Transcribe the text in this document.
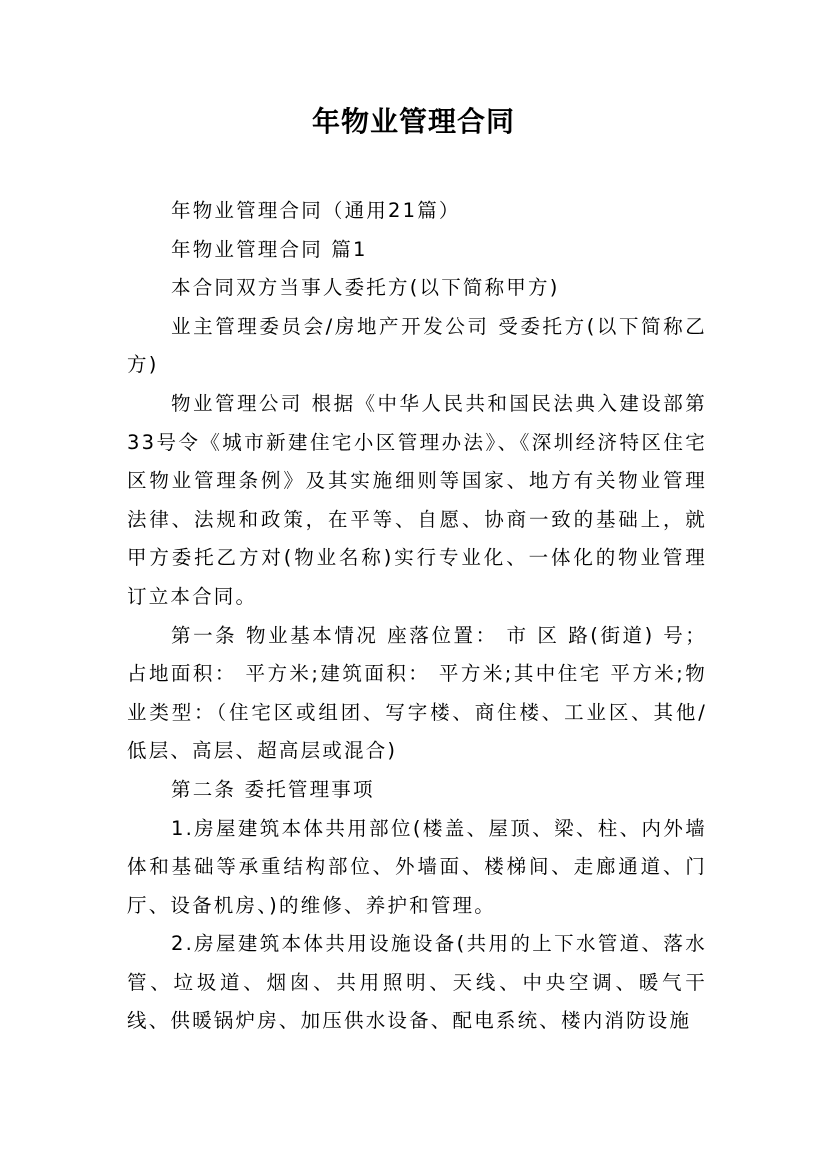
年物业管理合同

年物业管理合同（通用21篇）

年物业管理合同 篇1

本合同双方当事人委托方(以下简称甲方)

业主管理委员会/房地产开发公司 受委托方(以下简称乙方)

物业管理公司 根据《中华人民共和国民法典入建设部第33号令《城市新建住宅小区管理办法》、《深圳经济特区住宅区物业管理条例》及其实施细则等国家、地方有关物业管理法律、法规和政策，在平等、自愿、协商一致的基础上，就甲方委托乙方对(物业名称)实行专业化、一体化的物业管理订立本合同。

第一条 物业基本情况 座落位置： 市 区 路(街道) 号；占地面积： 平方米;建筑面积： 平方米;其中住宅 平方米;物业类型：（住宅区或组团、写字楼、商住楼、工业区、其他/低层、高层、超高层或混合)

第二条 委托管理事项

1.房屋建筑本体共用部位(楼盖、屋顶、梁、柱、内外墙体和基础等承重结构部位、外墙面、楼梯间、走廊通道、门厅、设备机房、)的维修、养护和管理。

2.房屋建筑本体共用设施设备(共用的上下水管道、落水管、垃圾道、烟囱、共用照明、天线、中央空调、暖气干线、供暖锅炉房、加压供水设备、配电系统、楼内消防设施
